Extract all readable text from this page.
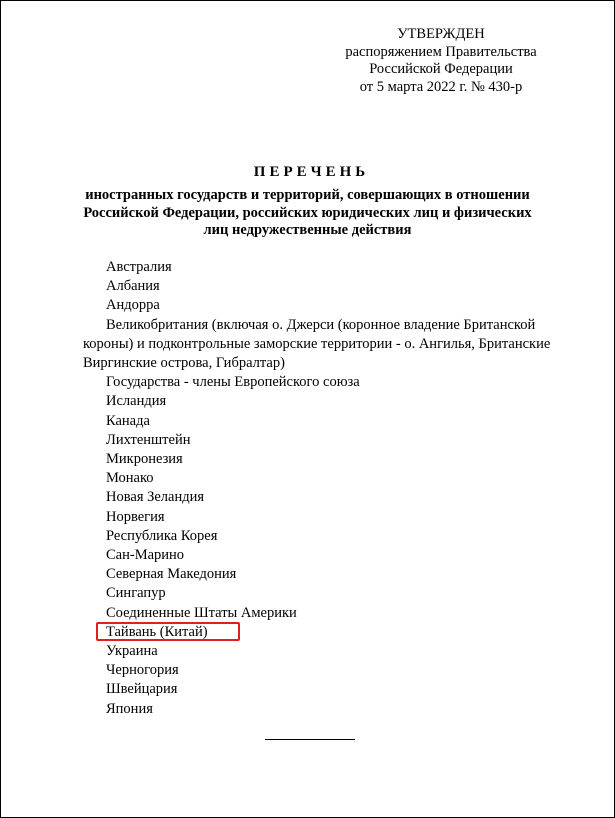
УТВЕРЖДЕН
распоряжением Правительства
Российской Федерации
от 5 марта 2022 г. № 430-р
ПЕРЕЧЕНЬ
иностранных государств и территорий, совершающих в отношении
Российской Федерации, российских юридических лиц и физических
лиц недружественные действия
Австралия
Албания
Андорра
Великобритания (включая о. Джерси (коронное владение Британской короны) и подконтрольные заморские территории - о. Ангилья, Британские Виргинские острова, Гибралтар)
Государства - члены Европейского союза
Исландия
Канада
Лихтенштейн
Микронезия
Монако
Новая Зеландия
Норвегия
Республика Корея
Сан-Марино
Северная Македония
Сингапур
Соединенные Штаты Америки
Тайвань (Китай)
Украина
Черногория
Швейцария
Япония
